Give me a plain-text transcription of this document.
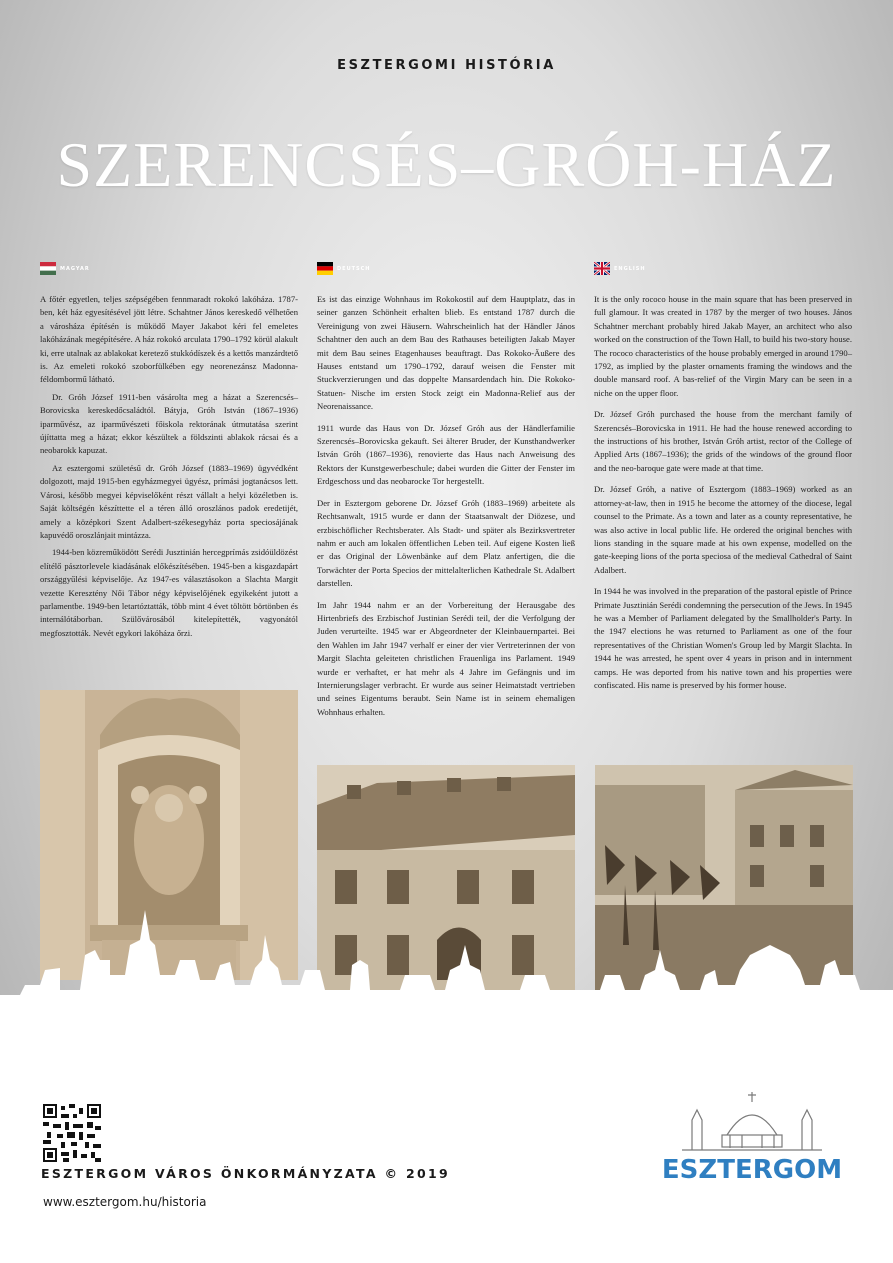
ESZTERGOMI HISTÓRIA
SZERENCSÉS–GRÓH-HÁZ
MAGYAR

A főtér egyetlen, teljes szépségében fennmaradt rokokó lakóháza. 1787-ben, két ház egyesítésével jött létre. Schahtner János kereskedő vélhetően a városháza építésén is működő Mayer Jakabot kéri fel emeletes lakóházának megépítésére. A ház rokokó arculata 1790–1792 körül alakult ki, erre utalnak az ablakokat keretező stukkódíszek és a kettős manzárdtető is. Az emeleti rokokó szoborfülkében egy neorenezánsz Madonna-féldombormű látható.

Dr. Gróh József 1911-ben vásárolta meg a házat a Szerencsés–Borovicska kereskedőcsaládtól. Bátyja, Gróh István (1867–1936) iparművész, az iparművészeti főiskola rektorának útmutatása szerint újíttatta meg a házat; ekkor készültek a földszinti ablakok rácsai és a neobarokk kapuzat.

Az esztergomi születésű dr. Gróh József (1883–1969) ügyvédként dolgozott, majd 1915-ben egyházmegyei ügyész, prímási jogtanácsos lett. Városi, később megyei képviselőként részt vállalt a helyi közéletben is. Saját költségén készíttette el a téren álló oroszlános padok eredetijét, amely a középkori Szent Adalbert-székesegyház porta speciosájának kapuvédő oroszlánjait mintázza.

1944-ben közreműködött Serédi Jusztinián hercegprímás zsidóüldözést elítélő pásztorlevele kiadásának előkészítésében. 1945-ben a kisgazdapárt országgyűlési képviselője. Az 1947-es választásokon a Slachta Margit vezette Keresztény Női Tábor négy képviselőjének egyikeként jutott a parlamentbe. 1949-ben letartóztatták, több mint 4 évet töltött börtönben és internálótáborban. Szülővárosából kitelepítették, vagyonától megfosztották. Nevét egykori lakóháza őrzi.

DEUTSCH

Es ist das einzige Wohnhaus im Rokokostil auf dem Hauptplatz, das in seiner ganzen Schönheit erhalten blieb. Es entstand 1787 durch die Vereinigung von zwei Häusern. Wahrscheinlich hat der Händler János Schahtner den auch an dem Bau des Rathauses beteiligten Jakab Mayer mit dem Bau seines Etagenhauses beauftragt. Das Rokoko-Äußere des Hauses entstand um 1790–1792, darauf weisen die Fenster mit Stuckverzierungen und das doppelte Mansardendach hin. Die Rokoko-Statuen- Nische im ersten Stock zeigt ein Madonna-Relief aus der Neorenaissance.

1911 wurde das Haus von Dr. József Gróh aus der Händlerfamilie Szerencsés–Borovicska gekauft. Sei älterer Bruder, der Kunsthandwerker István Gróh (1867–1936), renovierte das Haus nach Anweisung des Rektors der Kunstgewerbeschule; dabei wurden die Gitter der Fenster im Erdgeschoss und das neobarocke Tor hergestellt.

Der in Esztergom geborene Dr. József Gróh (1883–1969) arbeitete als Rechtsanwalt, 1915 wurde er dann der Staatsanwalt der Diözese, und erzbischöflicher Rechtsberater. Als Stadt- und später als Bezirksvertreter nahm er auch am lokalen öffentlichen Leben teil. Auf eigene Kosten ließ er das Original der Löwenbänke auf dem Platz anfertigen, die die Torwächter der Porta Specios der mittelalterlichen Kathedrale St. Adalbert darstellen.

Im Jahr 1944 nahm er an der Vorbereitung der Herausgabe des Hirtenbriefs des Erzbischof Justinian Serédi teil, der die Verfolgung der Juden verurteilte. 1945 war er Abgeordneter der Kleinbauernpartei. Bei den Wahlen im Jahr 1947 verhalf er einer der vier Vertreterinnen der von Margit Slachta geleiteten christlichen Frauenliga ins Parlament. 1949 wurde er verhaftet, er hat mehr als 4 Jahre im Gefängnis und im Internierungslager verbracht. Er wurde aus seiner Heimatstadt vertrieben und seines Eigentums beraubt. Sein Name ist in seinem ehemaligen Wohnhaus erhalten.

ENGLISH

It is the only rococo house in the main square that has been preserved in full glamour. It was created in 1787 by the merger of two houses. János Schahtner merchant probably hired Jakab Mayer, an architect who also worked on the construction of the Town Hall, to build his two-story house. The rococo characteristics of the house probably emerged in around 1790–1792, as implied by the plaster ornaments framing the windows and the double mansard roof. A bas-relief of the Virgin Mary can be seen in a niche on the upper floor.

Dr. József Gróh purchased the house from the merchant family of Szerencsés–Borovicska in 1911. He had the house renewed according to the instructions of his brother, István Gróh artist, rector of the College of Applied Arts (1867–1936); the grids of the windows of the ground floor and the neo-baroque gate were made at that time.

Dr. József Gróh, a native of Esztergom (1883–1969) worked as an attorney-at-law, then in 1915 he become the attorney of the diocese, legal counsel to the Primate. As a town and later as a county representative, he was also active in local public life. He ordered the original benches with lions standing in the square made at his own expense, modelled on the gate-keeping lions of the porta speciosa of the medieval Cathedral of Saint Adalbert.

In 1944 he was involved in the preparation of the pastoral epistle of Prince Primate Jusztinián Serédi condemning the persecution of the Jews. In 1945 he was a Member of Parliament delegated by the Smallholder's Party. In the 1947 elections he was returned to Parliament as one of the four representatives of the Christian Women's Group led by Margit Slachta. In 1944 he was arrested, he spent over 4 years in prison and in internment camps. He was deported from his native town and his properties were confiscated. His name is preserved by his former house.

ESZTERGOM VÁROS ÖNKORMÁNYZATA © 2019
www.esztergom.hu/historia
ESZTERGOM
